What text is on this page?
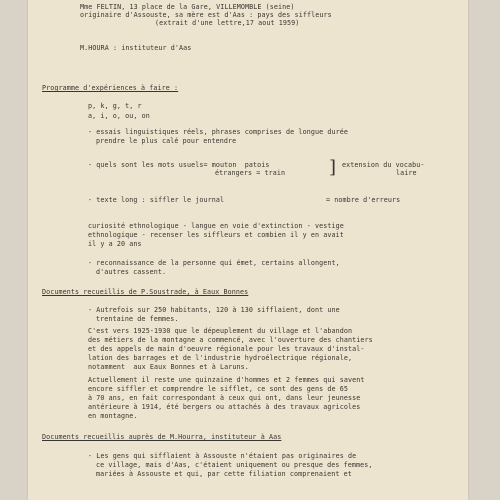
Mme FELTIN, 13 place de la Gare, VILLEMOMBLE (seine)
originaire d'Assouste, sa mère est d'Aas : pays des siffleurs
(extrait d'une lettre,17 aout 1959)
M.HOURA : instituteur d'Aas
Programme d'expériences à faire :
p, k, g, t, r
a, i, o, ou, on
- essais linguistiques réels, phrases comprises de longue durée
prendre le plus calé pour entendre
- quels sont les mots usuels= mouton  patois
étrangers = train ] extension du vocabu-
laire
- texte long : siffler le journal	= nombre d'erreurs
curiosité ethnologique - langue en voie d'extinction - vestige
ethnologique - recenser les siffleurs et combien il y en avait
il y a 20 ans
- reconnaissance de la personne qui émet, certains allongent,
d'autres cassent.
Documents recueillis de P.Soustrade, à Eaux Bonnes
- Autrefois sur 250 habitants, 120 à 130 sifflaient, dont une
trentaine de femmes.
C'est vers 1925-1930 que le dépeuplement du village et l'abandon
des métiers de la montagne a commencé, avec l'ouverture des chantiers
et des appels de main d'oeuvre régionale pour les travaux d'instal-
lation des barrages et de l'industrie hydroélectrique régionale,
notamment  aux Eaux Bonnes et à Laruns.
Actuellement il reste une quinzaine d'hommes et 2 femmes qui savent
encore siffler et comprendre le sifflet, ce sont des gens de 65
à 70 ans, en fait correspondant à ceux qui ont, dans leur jeunesse
antérieure à 1914, été bergers ou attachés à des travaux agricoles
en montagne.
Documents recueillis auprès de M.Hourra, instituteur à Aas
- Les gens qui sifflaient à Assouste n'étaient pas originaires de
ce village, mais d'Aas, c'étaient uniquement ou presque des femmes,
mariées à Assouste et qui, par cette filiation comprenaient et
